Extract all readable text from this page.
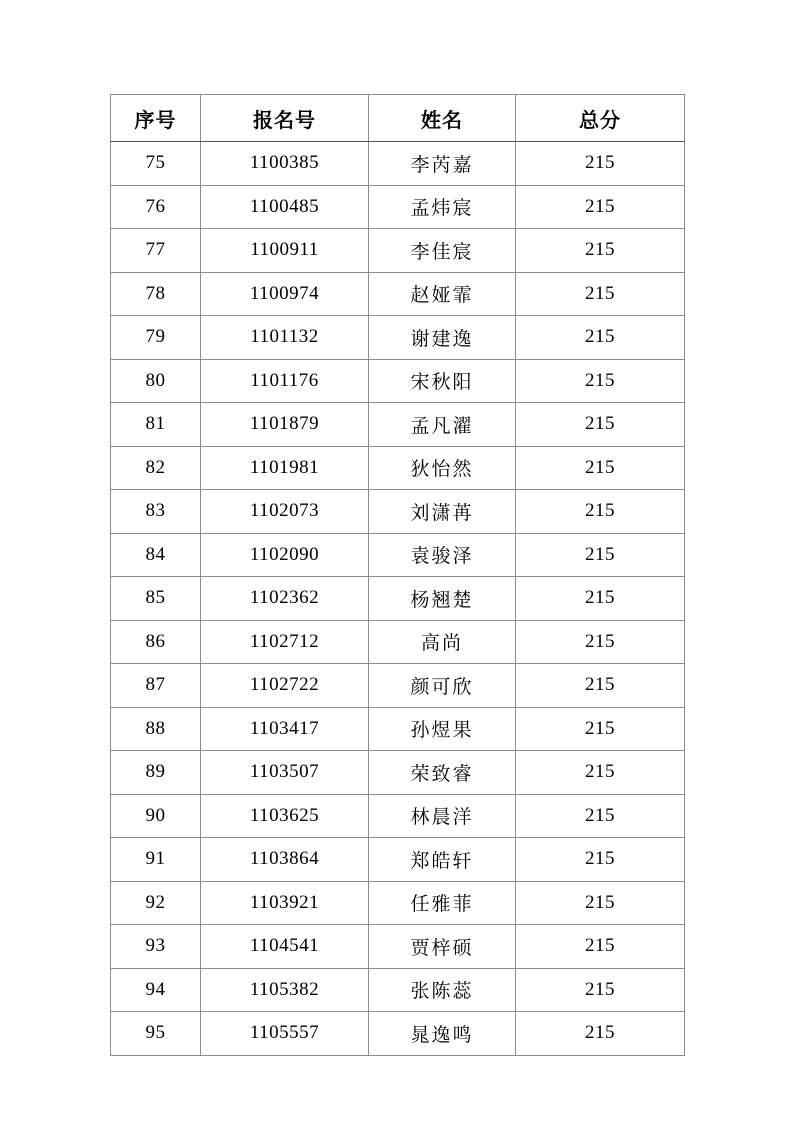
序号	报名号	姓名	总分
75	1100385	李芮嘉	215
76	1100485	孟炜宸	215
77	1100911	李佳宸	215
78	1100974	赵娅霏	215
79	1101132	谢建逸	215
80	1101176	宋秋阳	215
81	1101879	孟凡濯	215
82	1101981	狄怡然	215
83	1102073	刘潇苒	215
84	1102090	袁骏泽	215
85	1102362	杨翘楚	215
86	1102712	高尚	215
87	1102722	颜可欣	215
88	1103417	孙煜果	215
89	1103507	荣致睿	215
90	1103625	林晨洋	215
91	1103864	郑皓轩	215
92	1103921	任雅菲	215
93	1104541	贾梓硕	215
94	1105382	张陈蕊	215
95	1105557	晁逸鸣	215
